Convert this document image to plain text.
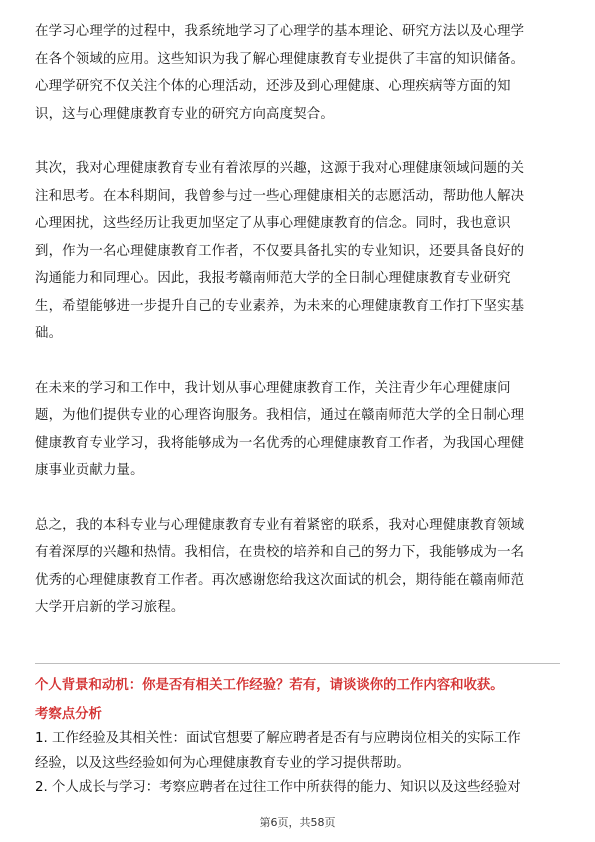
在学习心理学的过程中，我系统地学习了心理学的基本理论、研究方法以及心理学

在各个领域的应用。这些知识为我了解心理健康教育专业提供了丰富的知识储备。

心理学研究不仅关注个体的心理活动，还涉及到心理健康、心理疾病等方面的知

识，这与心理健康教育专业的研究方向高度契合。

其次，我对心理健康教育专业有着浓厚的兴趣，这源于我对心理健康领域问题的关

注和思考。在本科期间，我曾参与过一些心理健康相关的志愿活动，帮助他人解决

心理困扰，这些经历让我更加坚定了从事心理健康教育的信念。同时，我也意识

到，作为一名心理健康教育工作者，不仅要具备扎实的专业知识，还要具备良好的

沟通能力和同理心。因此，我报考赣南师范大学的全日制心理健康教育专业研究

生，希望能够进一步提升自己的专业素养，为未来的心理健康教育工作打下坚实基

础。

在未来的学习和工作中，我计划从事心理健康教育工作，关注青少年心理健康问

题，为他们提供专业的心理咨询服务。我相信，通过在赣南师范大学的全日制心理

健康教育专业学习，我将能够成为一名优秀的心理健康教育工作者，为我国心理健

康事业贡献力量。

总之，我的本科专业与心理健康教育专业有着紧密的联系，我对心理健康教育领域

有着深厚的兴趣和热情。我相信，在贵校的培养和自己的努力下，我能够成为一名

优秀的心理健康教育工作者。再次感谢您给我这次面试的机会，期待能在赣南师范

大学开启新的学习旅程。

个人背景和动机：你是否有相关工作经验？若有，请谈谈你的工作内容和收获。
考察点分析

1. 工作经验及其相关性：面试官想要了解应聘者是否有与应聘岗位相关的实际工作

经验，以及这些经验如何为心理健康教育专业的学习提供帮助。

2. 个人成长与学习：考察应聘者在过往工作中所获得的能力、知识以及这些经验对

第6页，共58页
